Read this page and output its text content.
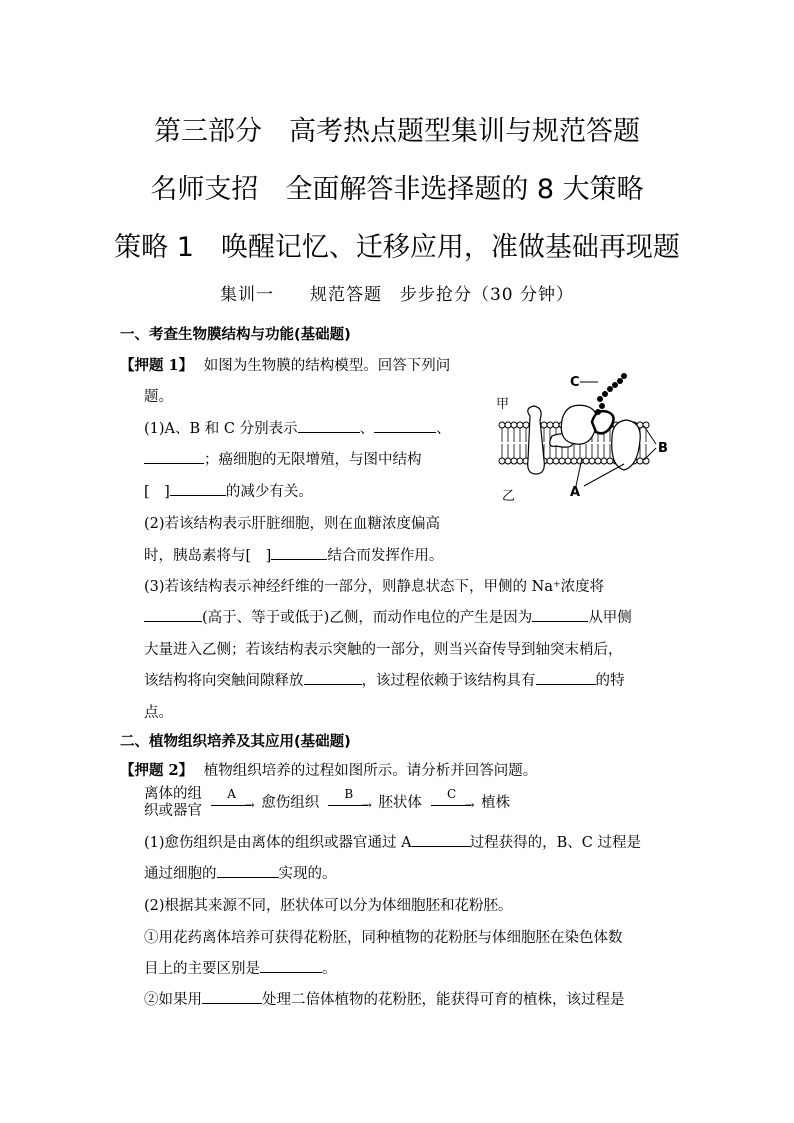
第三部分　高考热点题型集训与规范答题
名师支招　全面解答非选择题的 8 大策略
策略 1　唤醒记忆、迁移应用，准做基础再现题
集训一　　规范答题　步步抢分（30 分钟）
一、考查生物膜结构与功能(基础题)
【押题 1】 如图为生物膜的结构模型。回答下列问
题。
(1)A、B 和 C 分别表示	、	、
；癌细胞的无限增殖，与图中结构
[　]	的减少有关。
(2)若该结构表示肝脏细胞，则在血糖浓度偏高
时，胰岛素将与[　]	结合而发挥作用。
(3)若该结构表示神经纤维的一部分，则静息状态下，甲侧的 Na⁺浓度将
(高于、等于或低于)乙侧，而动作电位的产生是因为	从甲侧
大量进入乙侧；若该结构表示突触的一部分，则当兴奋传导到轴突末梢后，
该结构将向突触间隙释放	，该过程依赖于该结构具有	的特
点。
C
B
A
甲
乙
二、植物组织培养及其应用(基础题)
【押题 2】 植物组织培养的过程如图所示。请分析并回答问题。
离体的组
织或器官
A
→ 愈伤组织
B
→ 胚状体
C
→ 植株
(1)愈伤组织是由离体的组织或器官通过 A	过程获得的，B、C 过程是
通过细胞的	实现的。
(2)根据其来源不同，胚状体可以分为体细胞胚和花粉胚。
①用花药离体培养可获得花粉胚，同种植物的花粉胚与体细胞胚在染色体数
目上的主要区别是	。
②如果用	处理二倍体植物的花粉胚，能获得可育的植株，该过程是
